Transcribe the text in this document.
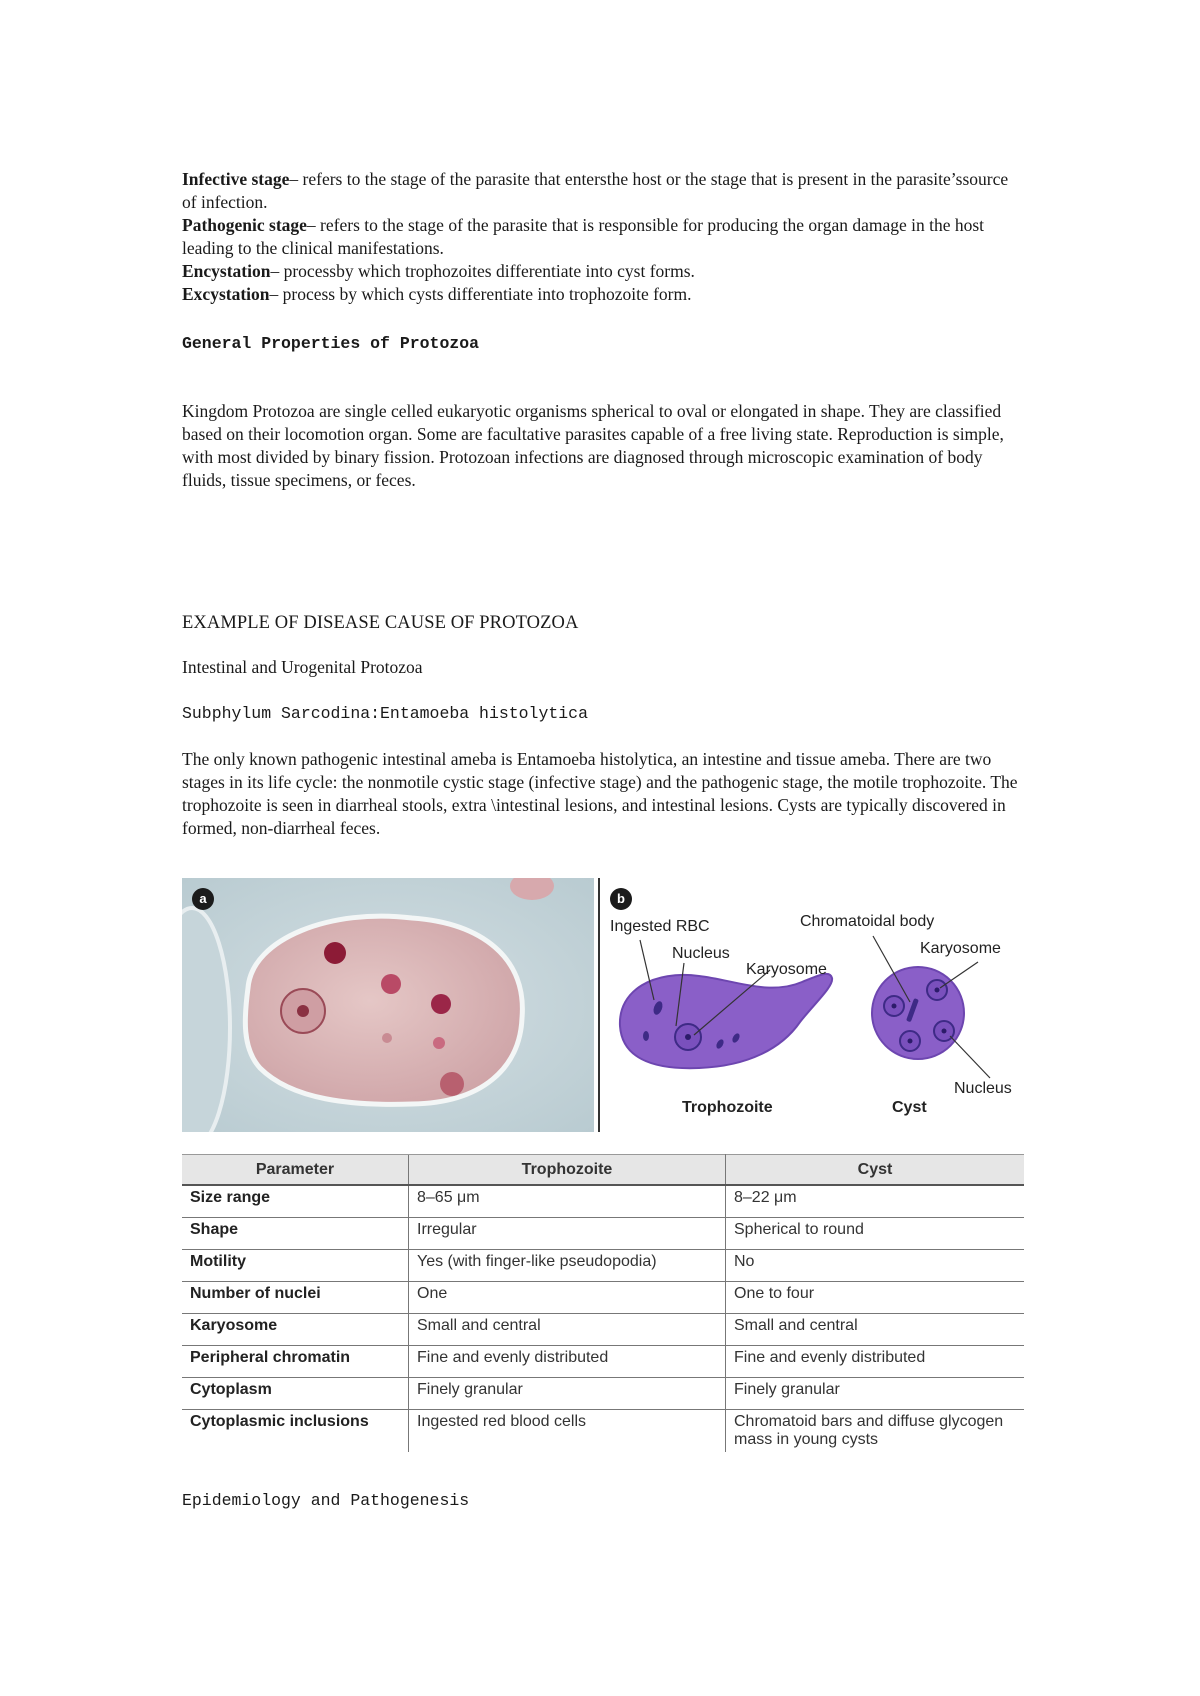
Infective stage– refers to the stage of the parasite that entersthe host or the stage that is present in the parasite’ssource of infection.

Pathogenic stage– refers to the stage of the parasite that is responsible for producing the organ damage in the host leading to the clinical manifestations.

Encystation– processby which trophozoites differentiate into cyst forms.

Excystation– process by which cysts differentiate into trophozoite form.

General Properties of Protozoa

Kingdom Protozoa are single celled eukaryotic organisms spherical to oval or elongated in shape. They are classified based on their locomotion organ. Some are facultative parasites capable of a free living state. Reproduction is simple, with most divided by binary fission. Protozoan infections are diagnosed through microscopic examination of body fluids, tissue specimens, or feces.

EXAMPLE OF DISEASE CAUSE OF PROTOZOA

Intestinal and Urogenital Protozoa

Subphylum Sarcodina:Entamoeba histolytica

The only known pathogenic intestinal ameba is Entamoeba histolytica, an intestine and tissue ameba. There are two stages in its life cycle: the nonmotile cystic stage (infective stage) and the pathogenic stage, the motile trophozoite. The trophozoite is seen in diarrheal stools, extra \intestinal lesions, and intestinal lesions. Cysts are typically discovered in formed, non-diarrheal feces.

a
Ingested RBC
Nucleus
Karyosome
Chromatoidal body
Karyosome
Nucleus
Trophozoite	Cyst
b
Parameter	Trophozoite	Cyst
Size range	8–65 μm	8–22 μm
Shape	Irregular	Spherical to round
Motility	Yes (with finger-like pseudopodia)	No
Number of nuclei	One	One to four
Karyosome	Small and central	Small and central
Peripheral chromatin	Fine and evenly distributed	Fine and evenly distributed
Cytoplasm	Finely granular	Finely granular
Cytoplasmic inclusions	Ingested red blood cells	Chromatoid bars and diffuse glycogen mass in young cysts

Epidemiology and Pathogenesis
